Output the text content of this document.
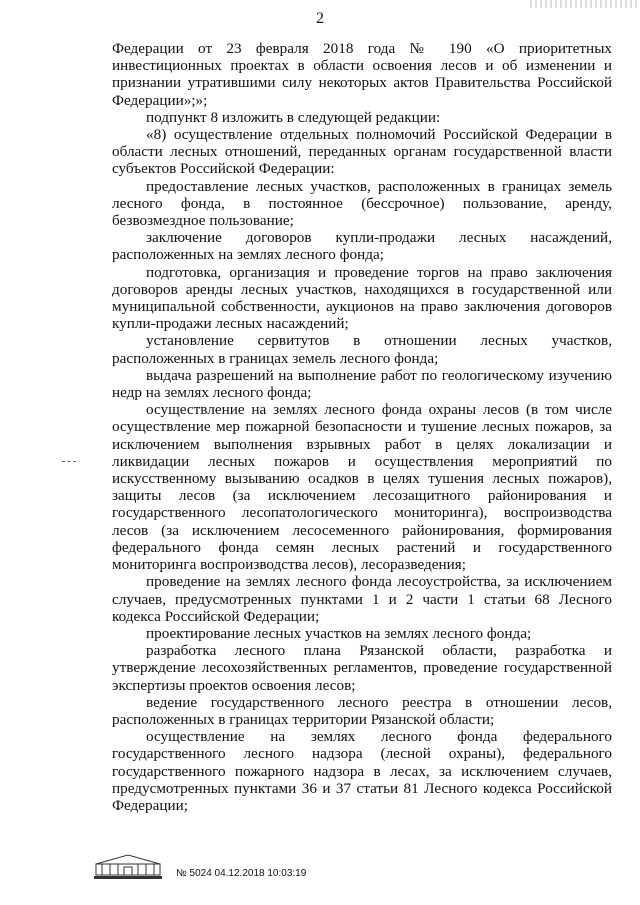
2

Федерации от 23 февраля 2018 года № 190 «О приоритетных инвестиционных проектах в области освоения лесов и об изменении и признании утратившими силу некоторых актов Правительства Российской Федерации»;»;

подпункт 8 изложить в следующей редакции:

«8) осуществление отдельных полномочий Российской Федерации в области лесных отношений, переданных органам государственной власти субъектов Российской Федерации:

предоставление лесных участков, расположенных в границах земель лесного фонда, в постоянное (бессрочное) пользование, аренду, безвозмездное пользование;

заключение договоров купли-продажи лесных насаждений, расположенных на землях лесного фонда;

подготовка, организация и проведение торгов на право заключения договоров аренды лесных участков, находящихся в государственной или муниципальной собственности, аукционов на право заключения договоров купли-продажи лесных насаждений;

установление сервитутов в отношении лесных участков, расположенных в границах земель лесного фонда;

выдача разрешений на выполнение работ по геологическому изучению недр на землях лесного фонда;

осуществление на землях лесного фонда охраны лесов (в том числе осуществление мер пожарной безопасности и тушение лесных пожаров, за исключением выполнения взрывных работ в целях локализации и ликвидации лесных пожаров и осуществления мероприятий по искусственному вызыванию осадков в целях тушения лесных пожаров), защиты лесов (за исключением лесозащитного районирования и государственного лесопатологического мониторинга), воспроизводства лесов (за исключением лесосеменного районирования, формирования федерального фонда семян лесных растений и государственного мониторинга воспроизводства лесов), лесоразведения;

проведение на землях лесного фонда лесоустройства, за исключением случаев, предусмотренных пунктами 1 и 2 части 1 статьи 68 Лесного кодекса Российской Федерации;

проектирование лесных участков на землях лесного фонда;

разработка лесного плана Рязанской области, разработка и утверждение лесохозяйственных регламентов, проведение государственной экспертизы проектов освоения лесов;

ведение государственного лесного реестра в отношении лесов, расположенных в границах территории Рязанской области;

осуществление на землях лесного фонда федерального государственного лесного надзора (лесной охраны), федерального государственного пожарного надзора в лесах, за исключением случаев, предусмотренных пунктами 36 и 37 статьи 81 Лесного кодекса Российской Федерации;

№ 5024 04.12.2018 10:03:19
